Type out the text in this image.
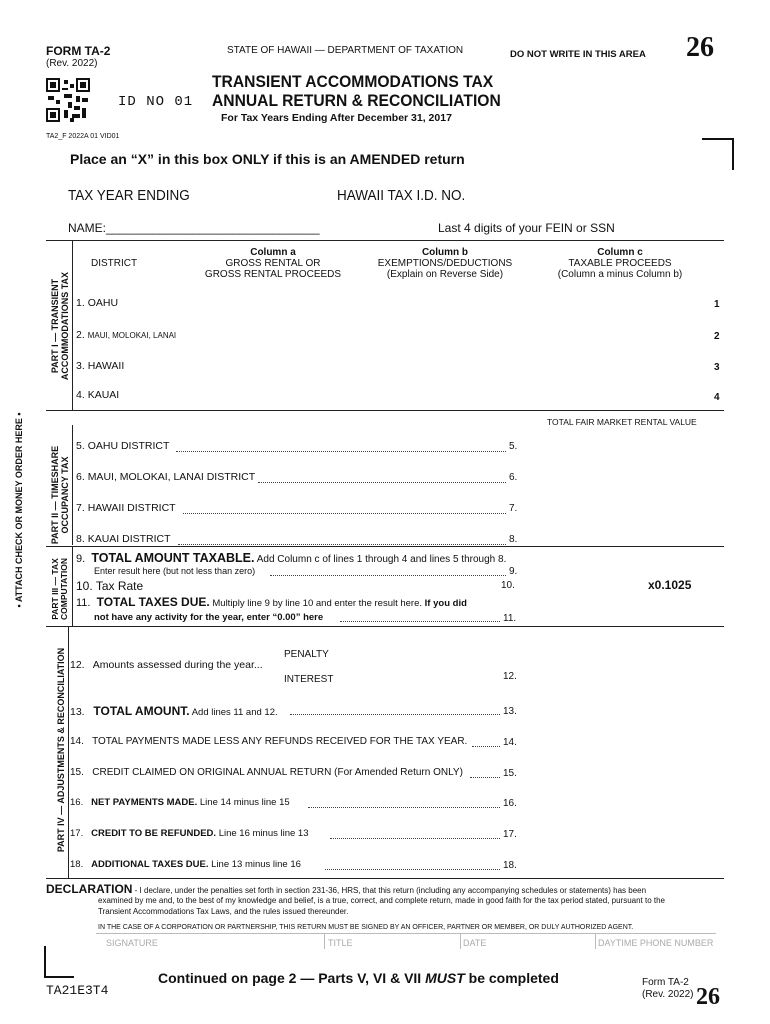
FORM TA-2
(Rev. 2022)
STATE OF HAWAII — DEPARTMENT OF TAXATION	DO NOT WRITE IN THIS AREA 26
ID NO 01
TRANSIENT ACCOMMODATIONS TAX
ANNUAL RETURN & RECONCILIATION
For Tax Years Ending After December 31, 2017
TA2_F 2022A 01 VID01
Place an “X” in this box ONLY if this is an AMENDED return
TAX YEAR ENDING	HAWAII TAX I.D. NO.
NAME:________________________________	Last 4 digits of your FEIN or SSN
• ATTACH CHECK OR MONEY ORDER HERE •
PART I — TRANSIENT ACCOMMODATIONS TAX
DISTRICT
Column a
GROSS RENTAL OR
GROSS RENTAL PROCEEDS
Column b
EXEMPTIONS/DEDUCTIONS
(Explain on Reverse Side)
Column c
TAXABLE PROCEEDS
(Column a minus Column b)
1. OAHU	1
2. MAUI, MOLOKAI, LANAI	2
3. HAWAII	3
4. KAUAI	4
PART II — TIMESHARE OCCUPANCY TAX
TOTAL FAIR MARKET RENTAL VALUE
5. OAHU DISTRICT	5.
6. MAUI, MOLOKAI, LANAI DISTRICT	6.
7. HAWAII DISTRICT	7.
8. KAUAI DISTRICT	8.
PART III — TAX COMPUTATION 9. TOTAL AMOUNT TAXABLE. Add Column c of lines 1 through 4 and lines 5 through 8.
Enter result here (but not less than zero)	9.
10. Tax Rate	10.	x0.1025
11. TOTAL TAXES DUE. Multiply line 9 by line 10 and enter the result here. If you did
not have any activity for the year, enter “0.00” here	11.
PART IV — ADJUSTMENTS & RECONCILIATION 12. Amounts assessed during the year...
PENALTY
INTEREST	12.
13. TOTAL AMOUNT. Add lines 11 and 12.	13.
14. TOTAL PAYMENTS MADE LESS ANY REFUNDS RECEIVED FOR THE TAX YEAR.	14.
15. CREDIT CLAIMED ON ORIGINAL ANNUAL RETURN (For Amended Return ONLY)	15.
16. NET PAYMENTS MADE. Line 14 minus line 15	16.
17. CREDIT TO BE REFUNDED. Line 16 minus line 13	17.
18. ADDITIONAL TAXES DUE. Line 13 minus line 16	18.
DECLARATION - I declare, under the penalties set forth in section 231-36, HRS, that this return (including any accompanying schedules or statements) has been
examined by me and, to the best of my knowledge and belief, is a true, correct, and complete return, made in good faith for the tax period stated, pursuant to the
Transient Accommodations Tax Laws, and the rules issued thereunder.
IN THE CASE OF A CORPORATION OR PARTNERSHIP, THIS RETURN MUST BE SIGNED BY AN OFFICER, PARTNER OR MEMBER, OR DULY AUTHORIZED AGENT.
SIGNATURE	TITLE	DATE	DAYTIME PHONE NUMBER
TA21E3T4
Continued on page 2 — Parts V, VI & VII MUST be completed	Form TA-2
(Rev. 2022) 26
